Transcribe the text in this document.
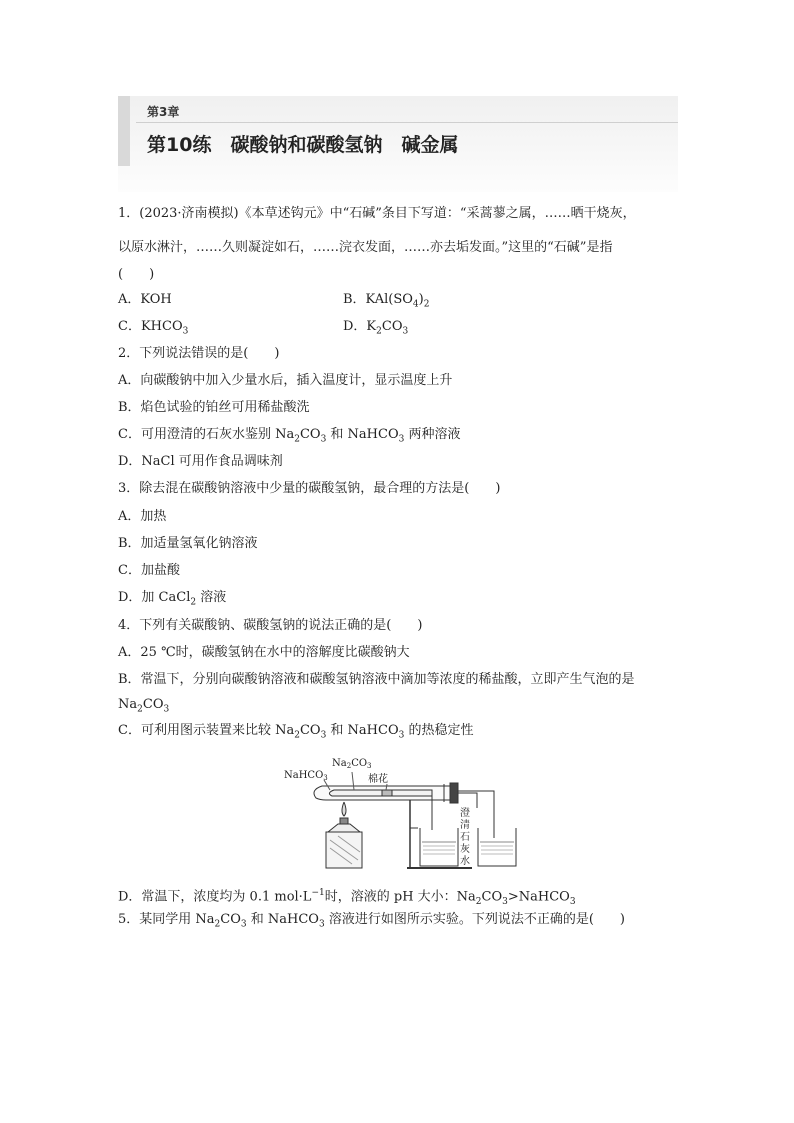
第3章
第10练　碳酸钠和碳酸氢钠　碱金属
1．(2023·济南模拟)《本草述钩元》中“石碱”条目下写道：“采蒿蓼之属，……晒干烧灰，
以原水淋汁，……久则凝淀如石，……浣衣发面，……亦去垢发面。”这里的“石碱”是指
(　　)
A．KOH	B．$KAl(SO_4)_2$
C．$KHCO_3$	D．$K_2CO_3$
2．下列说法错误的是(　　)
A．向碳酸钠中加入少量水后，插入温度计，显示温度上升
B．焰色试验的铂丝可用稀盐酸洗
C．可用澄清的石灰水鉴别 $Na_2CO_3$ 和 NaHCO$_3$ 两种溶液
D．NaCl 可用作食品调味剂
3．除去混在碳酸钠溶液中少量的碳酸氢钠，最合理的方法是(　　)
A．加热
B．加适量氢氧化钠溶液
C．加盐酸
D．加 CaCl$_2$ 溶液
4．下列有关碳酸钠、碳酸氢钠的说法正确的是(　　)
A．25 ℃时，碳酸氢钠在水中的溶解度比碳酸钠大
B．常温下，分别向碳酸钠溶液和碳酸氢钠溶液中滴加等浓度的稀盐酸，立即产生气泡的是
$Na_2CO_3$
C．可利用图示装置来比较 $Na_2CO_3$ 和 NaHCO$_3$ 的热稳定性
NaHCO$_3$
$Na_2CO_3$
棉花
澄
清
石
灰
水
D．常温下，浓度均为 0.1 $mol\cdot L^{-1}$时，溶液的 pH 大小：$Na_2CO_3>NaHCO_3$
5．某同学用 $Na_2CO_3$ 和 NaHCO$_3$ 溶液进行如图所示实验。下列说法不正确的是(　　)
